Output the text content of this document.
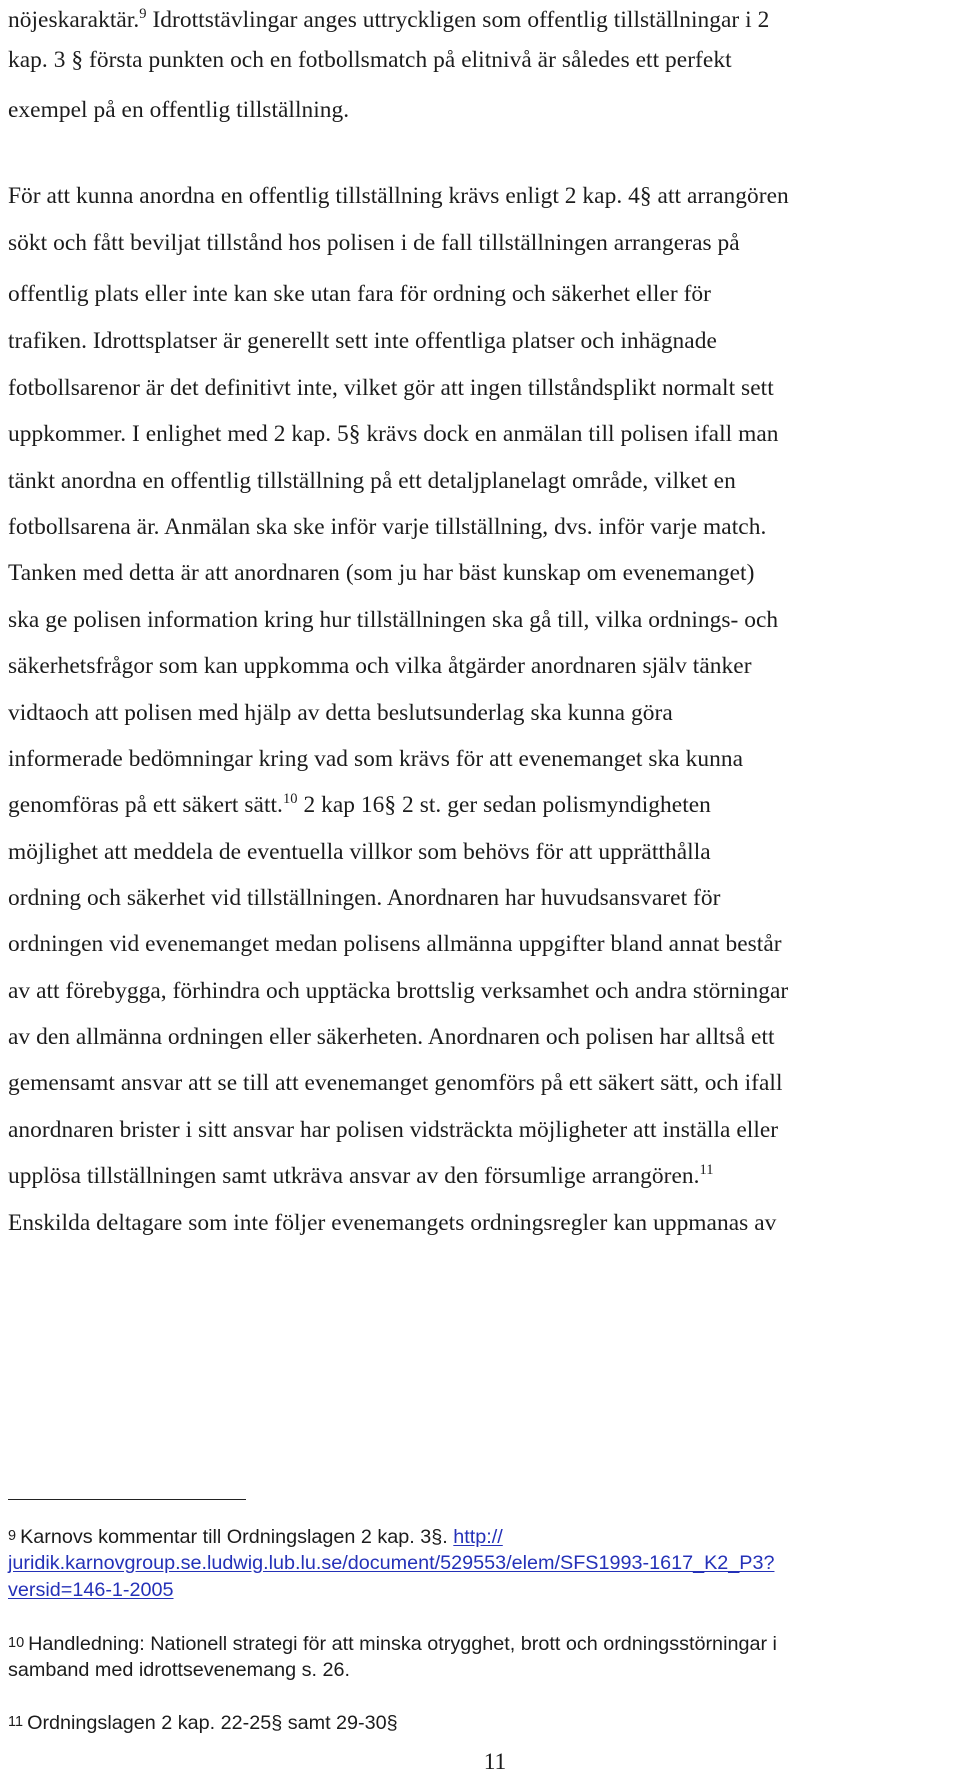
nöjeskaraktär.$^9$ Idrottstävlingar anges uttryckligen som offentlig tillställningar i 2
kap. 3 § första punkten och en fotbollsmatch på elitnivå är således ett perfekt
exempel på en offentlig tillställning.
För att kunna anordna en offentlig tillställning krävs enligt 2 kap. 4§ att arrangören
sökt och fått beviljat tillstånd hos polisen i de fall tillställningen arrangeras på
offentlig plats eller inte kan ske utan fara för ordning och säkerhet eller för
trafiken. Idrottsplatser är generellt sett inte offentliga platser och inhägnade
fotbollsarenor är det definitivt inte, vilket gör att ingen tillståndsplikt normalt sett
uppkommer. I enlighet med 2 kap. 5§ krävs dock en anmälan till polisen ifall man
tänkt anordna en offentlig tillställning på ett detaljplanelagt område, vilket en
fotbollsarena är. Anmälan ska ske inför varje tillställning, dvs. inför varje match.
Tanken med detta är att anordnaren (som ju har bäst kunskap om evenemanget)
ska ge polisen information kring hur tillställningen ska gå till, vilka ordnings- och
säkerhetsfrågor som kan uppkomma och vilka åtgärder anordnaren själv tänker
vidtaoch att polisen med hjälp av detta beslutsunderlag ska kunna göra
informerade bedömningar kring vad som krävs för att evenemanget ska kunna
genomföras på ett säkert sätt.$^{10}$ 2 kap 16§ 2 st. ger sedan polismyndigheten
möjlighet att meddela de eventuella villkor som behövs för att upprätthålla
ordning och säkerhet vid tillställningen. Anordnaren har huvudsansvaret för
ordningen vid evenemanget medan polisens allmänna uppgifter bland annat består
av att förebygga, förhindra och upptäcka brottslig verksamhet och andra störningar
av den allmänna ordningen eller säkerheten. Anordnaren och polisen har alltså ett
gemensamt ansvar att se till att evenemanget genomförs på ett säkert sätt, och ifall
anordnaren brister i sitt ansvar har polisen vidsträckta möjligheter att inställa eller
upplösa tillställningen samt utkräva ansvar av den försumlige arrangören.$^{11}$
Enskilda deltagare som inte följer evenemangets ordningsregler kan uppmanas av
9 Karnovs kommentar till Ordningslagen 2 kap. 3§. http://
juridik.karnovgroup.se.ludwig.lub.lu.se/document/529553/elem/SFS1993-1617_K2_P3?
versid=146-1-2005
10 Handledning: Nationell strategi för att minska otrygghet, brott och ordningsstörningar i
samband med idrottsevenemang s. 26.
11 Ordningslagen 2 kap. 22-25§ samt 29-30§
11
